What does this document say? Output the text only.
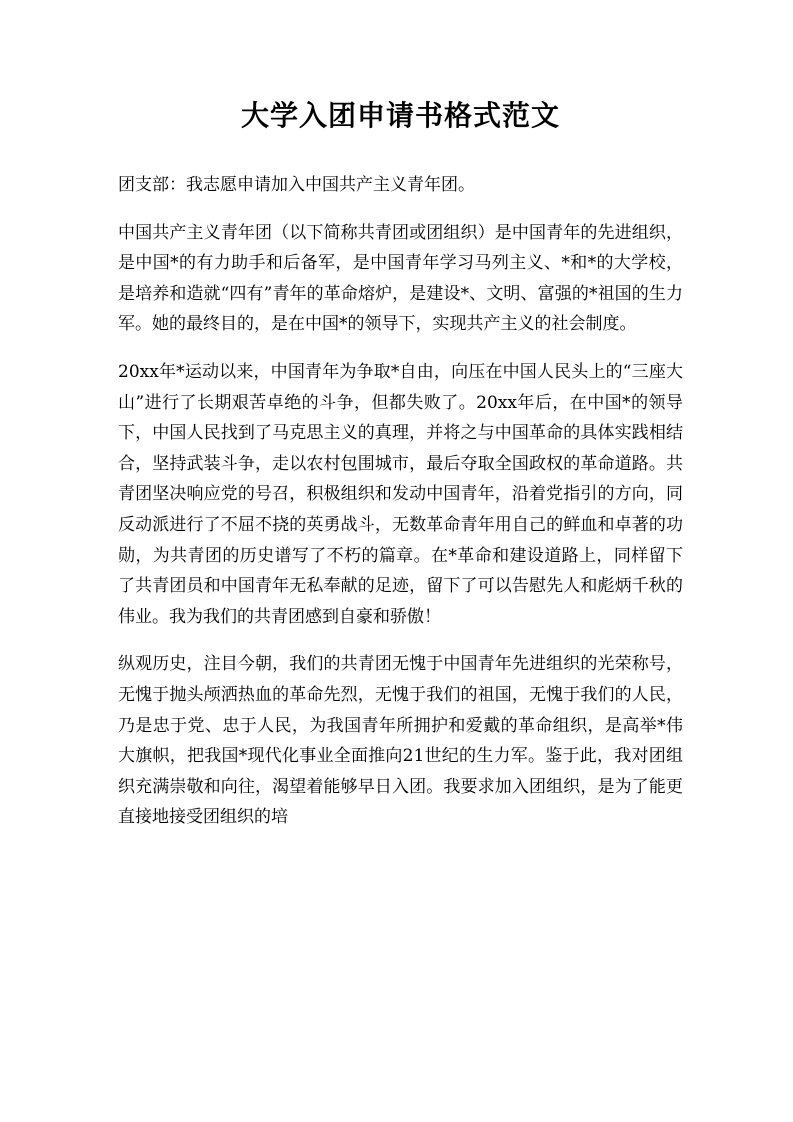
大学入团申请书格式范文

团支部：我志愿申请加入中国共产主义青年团。

中国共产主义青年团（以下简称共青团或团组织）是中国青年的先进组织，是中国*的有力助手和后备军，是中国青年学习马列主义、*和*的大学校，是培养和造就“四有”青年的革命熔炉，是建设*、文明、富强的*祖国的生力军。她的最终目的，是在中国*的领导下，实现共产主义的社会制度。

20xx年*运动以来，中国青年为争取*自由，向压在中国人民头上的“三座大山”进行了长期艰苦卓绝的斗争，但都失败了。20xx年后，在中国*的领导下，中国人民找到了马克思主义的真理，并将之与中国革命的具体实践相结合，坚持武装斗争，走以农村包围城市，最后夺取全国政权的革命道路。共青团坚决响应党的号召，积极组织和发动中国青年，沿着党指引的方向，同反动派进行了不屈不挠的英勇战斗，无数革命青年用自己的鲜血和卓著的功勋，为共青团的历史谱写了不朽的篇章。在*革命和建设道路上，同样留下了共青团员和中国青年无私奉献的足迹，留下了可以告慰先人和彪炳千秋的伟业。我为我们的共青团感到自豪和骄傲！

纵观历史，注目今朝，我们的共青团无愧于中国青年先进组织的光荣称号，无愧于抛头颅洒热血的革命先烈，无愧于我们的祖国，无愧于我们的人民，乃是忠于党、忠于人民，为我国青年所拥护和爱戴的革命组织，是高举*伟大旗帜，把我国*现代化事业全面推向21世纪的生力军。鉴于此，我对团组织充满崇敬和向往，渴望着能够早日入团。我要求加入团组织，是为了能更直接地接受团组织的培
